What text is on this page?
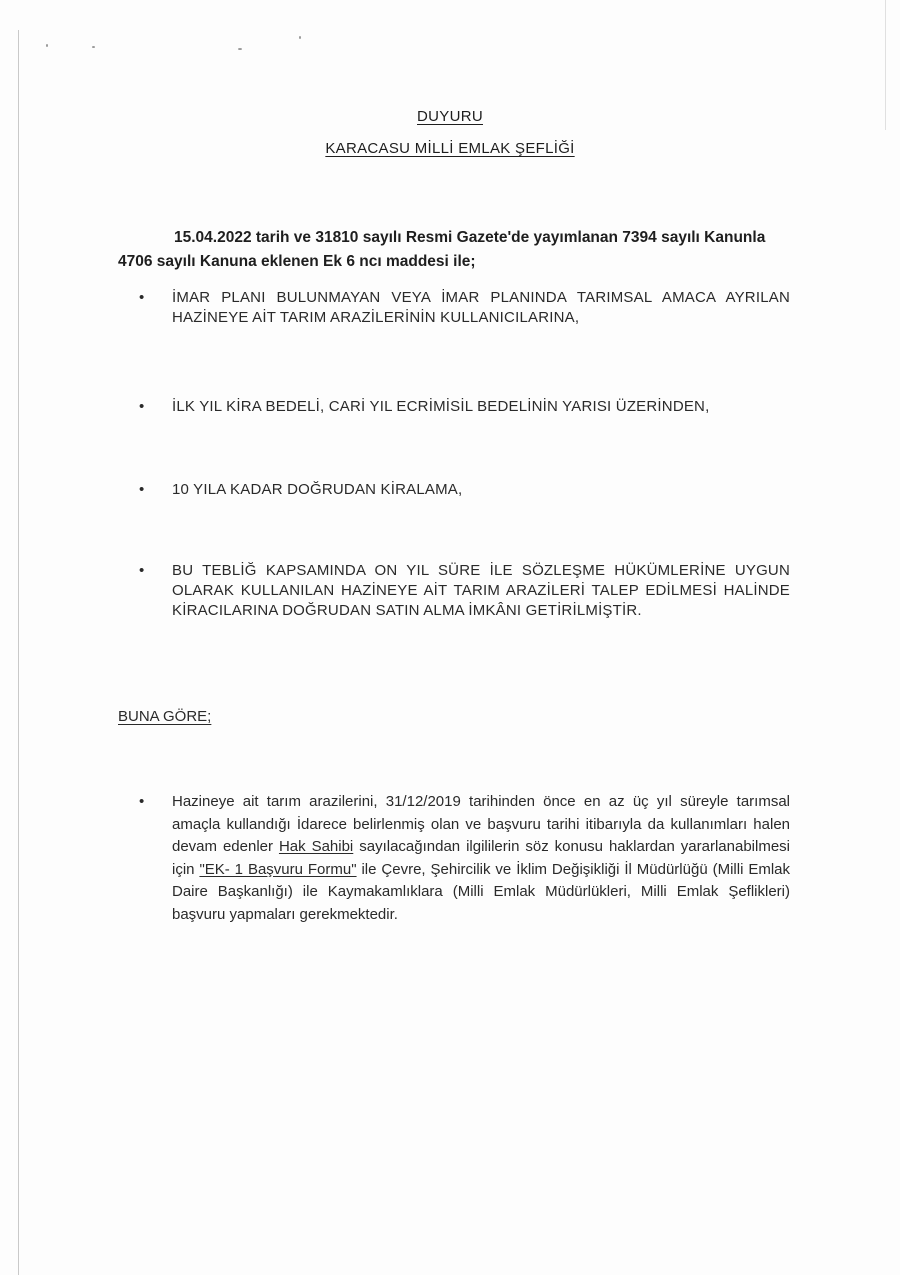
DUYURU
KARACASU MİLLİ EMLAK ŞEFLİĞİ
15.04.2022 tarih ve 31810 sayılı Resmi Gazete'de yayımlanan 7394 sayılı Kanunla 4706 sayılı Kanuna eklenen Ek 6 ncı maddesi ile;
• İMAR PLANI BULUNMAYAN VEYA İMAR PLANINDA TARIMSAL AMACA AYRILAN HAZİNEYE AİT TARIM ARAZİLERİNİN KULLANICILARINA,
• İLK YIL KİRA BEDELİ, CARİ YIL ECRİMİSİL BEDELİNİN YARISI ÜZERİNDEN,
• 10 YILA KADAR DOĞRUDAN KİRALAMA,
• BU TEBLİĞ KAPSAMINDA ON YIL SÜRE İLE SÖZLEŞME HÜKÜMLERİNE UYGUN OLARAK KULLANILAN HAZİNEYE AİT TARIM ARAZİLERİ TALEP EDİLMESİ HALİNDE KİRACILARINA DOĞRUDAN SATIN ALMA İMKÂNI GETİRİLMİŞTİR.
BUNA GÖRE;
• Hazineye ait tarım arazilerini, 31/12/2019 tarihinden önce en az üç yıl süreyle tarımsal amaçla kullandığı İdarece belirlenmiş olan ve başvuru tarihi itibarıyla da kullanımları halen devam edenler Hak Sahibi sayılacağından ilgililerin söz konusu haklardan yararlanabilmesi için "EK- 1 Başvuru Formu" ile Çevre, Şehircilik ve İklim Değişikliği İl Müdürlüğü (Milli Emlak Daire Başkanlığı) ile Kaymakamlıklara (Milli Emlak Müdürlükleri, Milli Emlak Şeflikleri) başvuru yapmaları gerekmektedir.
